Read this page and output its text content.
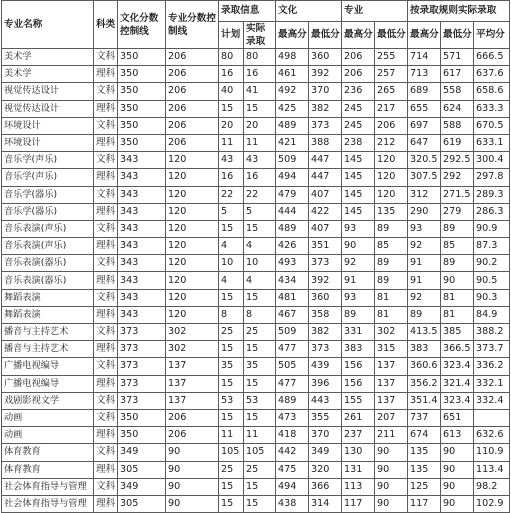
专业名称	科类	文化分数控制线	专业分数控制线	录取信息		文化		专业		按录取规则实际录取		
				计划	实际录取	最高分	最低分	最高分	最低分	最高分	最低分	平均分
美术学	文科	350	206	80	80	498	360	206	255	714	571	666.5
美术学	理科	350	206	16	16	461	392	206	257	713	617	637.6
视觉传达设计	文科	350	206	40	41	492	370	236	265	689	558	658.6
视觉传达设计	理科	350	206	15	15	425	382	245	217	655	624	633.3
环境设计	文科	350	206	20	20	489	373	245	206	697	588	670.5
环境设计	理科	350	206	11	11	421	388	238	212	647	619	633.1
音乐学(声乐)	文科	343	120	43	43	509	447	145	120	320.5	292.5	300.4
音乐学(声乐)	理科	343	120	16	16	494	447	145	120	307.5	292	297.8
音乐学(器乐)	文科	343	120	22	22	479	407	145	120	312	271.5	289.3
音乐学(器乐)	理科	343	120	5	5	444	422	145	135	290	279	286.3
音乐表演(声乐)	文科	343	120	15	15	489	407	93	89	93	89	90.9
音乐表演(声乐)	理科	343	120	4	4	426	351	90	85	92	85	87.3
音乐表演(器乐)	文科	343	120	10	10	493	373	92	89	91	89	90.2
音乐表演(器乐)	理科	343	120	4	4	434	392	91	89	91	90	90.5
舞蹈表演	文科	343	120	15	15	481	360	93	81	92	81	90.3
舞蹈表演	理科	343	120	8	8	467	358	89	81	89	81	84.9
播音与主持艺术	文科	373	302	25	25	509	382	331	302	413.5	385	388.2
播音与主持艺术	理科	373	302	15	15	477	373	383	315	383	366.5	373.7
广播电视编导	文科	373	137	35	35	505	439	156	137	360.6	323.4	336.2
广播电视编导	理科	373	137	15	15	477	396	156	137	356.2	321.4	332.1
戏剧影视文学	文科	373	137	53	53	489	443	155	137	351.4	323.4	332.4
动画	文科	350	206	15	15	473	355	261	207	737	651	
动画	理科	350	206	11	11	418	370	237	211	674	613	632.6
体育教育	文科	349	90	105	105	442	349	130	90	135	90	110.9
体育教育	理科	305	90	25	25	475	320	131	90	135	90	113.4
社会体育指导与管理	文科	349	90	15	15	494	366	113	90	125	90	98.2
社会体育指导与管理	理科	305	90	15	15	438	314	117	90	117	90	102.9
